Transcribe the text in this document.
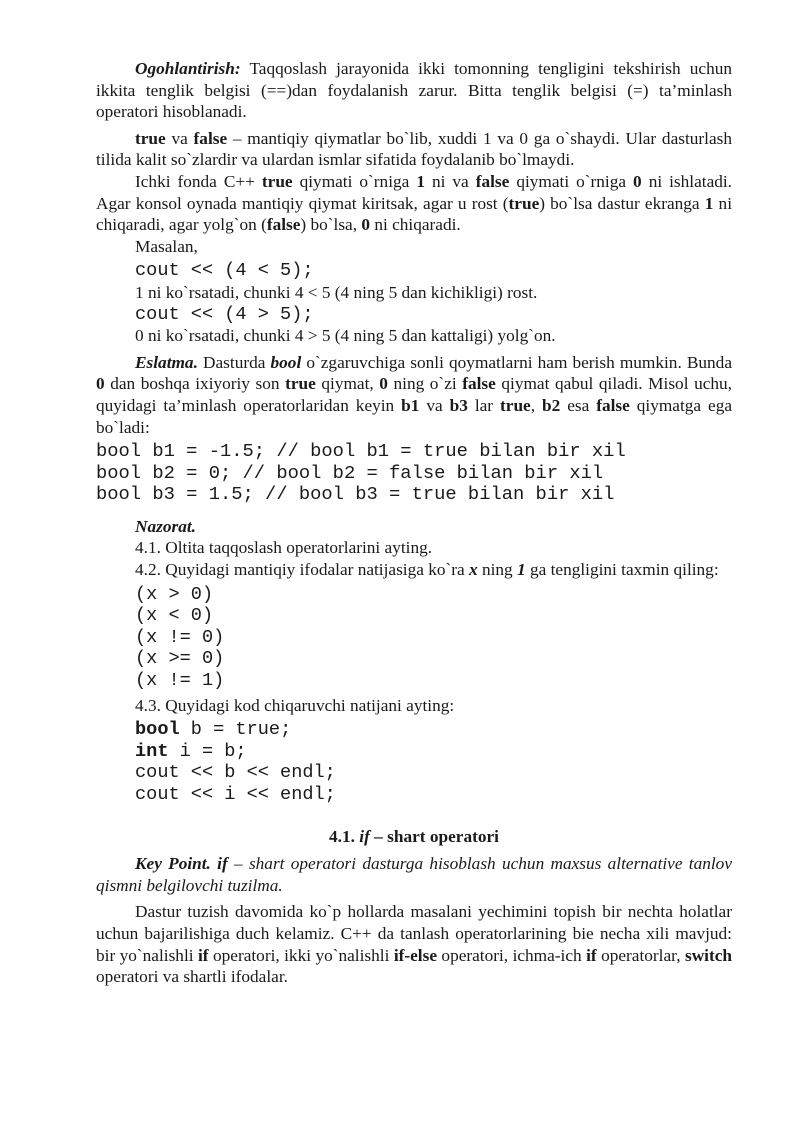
Ogohlantirish: Taqqoslash jarayonida ikki tomonning tengligini tekshirish uchun ikkita tenglik belgisi (==)dan foydalanish zarur. Bitta tenglik belgisi (=) ta’minlash operatori hisoblanadi.

true va false – mantiqiy qiymatlar bo`lib, xuddi 1 va 0 ga o`shaydi. Ular dasturlash tilida kalit so`zlardir va ulardan ismlar sifatida foydalanib bo`lmaydi.

Ichki fonda C++ true qiymati o`rniga 1 ni va false qiymati o`rniga 0 ni ishlatadi. Agar konsol oynada mantiqiy qiymat kiritsak, agar u rost (true) bo`lsa dastur ekranga 1 ni chiqaradi, agar yolg`on (false) bo`lsa, 0 ni chiqaradi.

Masalan,

cout << (4 < 5);

1 ni ko`rsatadi, chunki 4 < 5 (4 ning 5 dan kichikligi) rost.

cout << (4 > 5);

0 ni ko`rsatadi, chunki 4 > 5 (4 ning 5 dan kattaligi) yolg`on.

Eslatma. Dasturda bool o`zgaruvchiga sonli qoymatlarni ham berish mumkin. Bunda 0 dan boshqa ixiyoriy son true qiymat, 0 ning o`zi false qiymat qabul qiladi. Misol uchu, quyidagi ta’minlash operatorlaridan keyin b1 va b3 lar true, b2 esa false qiymatga ega bo`ladi:

bool b1 = -1.5; // bool b1 = true bilan bir xil
bool b2 = 0; // bool b2 = false bilan bir xil
bool b3 = 1.5; // bool b3 = true bilan bir xil

Nazorat.

4.1. Oltita taqqoslash operatorlarini ayting.

4.2. Quyidagi mantiqiy ifodalar natijasiga ko`ra x ning 1 ga tengligini taxmin qiling:

(x > 0)
(x < 0)
(x != 0)
(x >= 0)
(x != 1)

4.3. Quyidagi kod chiqaruvchi natijani ayting:

bool b = true;
int i = b;
cout << b << endl;
cout << i << endl;

4.1. if – shart operatori

Key Point. if – shart operatori dasturga hisoblash uchun maxsus alternative tanlov qismni belgilovchi tuzilma.

Dastur tuzish davomida ko`p hollarda masalani yechimini topish bir nechta holatlar uchun bajarilishiga duch kelamiz. C++ da tanlash operatorlarining bie necha xili mavjud: bir yo`nalishli if operatori, ikki yo`nalishli if-else operatori, ichma-ich if operatorlar, switch operatori va shartli ifodalar.
